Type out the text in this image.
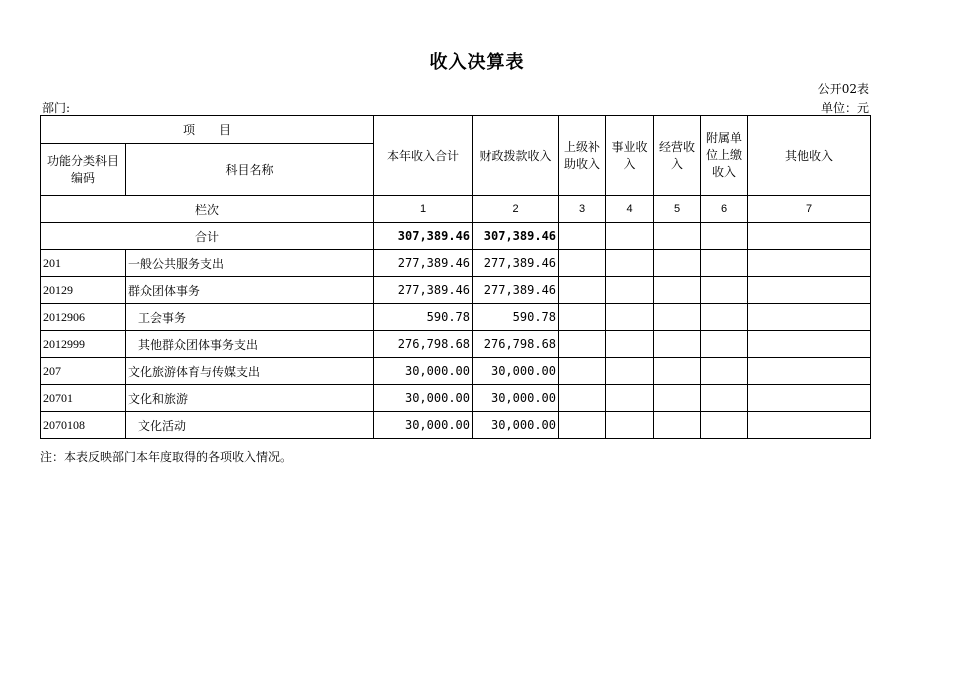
收入决算表
公开02表
部门:	单位：元
项　　目		本年收入合计	财政拨款收入	上级补助收入	事业收入	经营收入	附属单位上缴收入	其他收入
功能分类科目编码	科目名称							
栏次		1	2	3	4	5	6	7
合计		307,389.46	307,389.46					
201	一般公共服务支出	277,389.46	277,389.46					
20129	群众团体事务	277,389.46	277,389.46					
2012906	工会事务	590.78	590.78					
2012999	其他群众团体事务支出	276,798.68	276,798.68					
207	文化旅游体育与传媒支出	30,000.00	30,000.00					
20701	文化和旅游	30,000.00	30,000.00					
2070108	文化活动	30,000.00	30,000.00					
注：本表反映部门本年度取得的各项收入情况。
